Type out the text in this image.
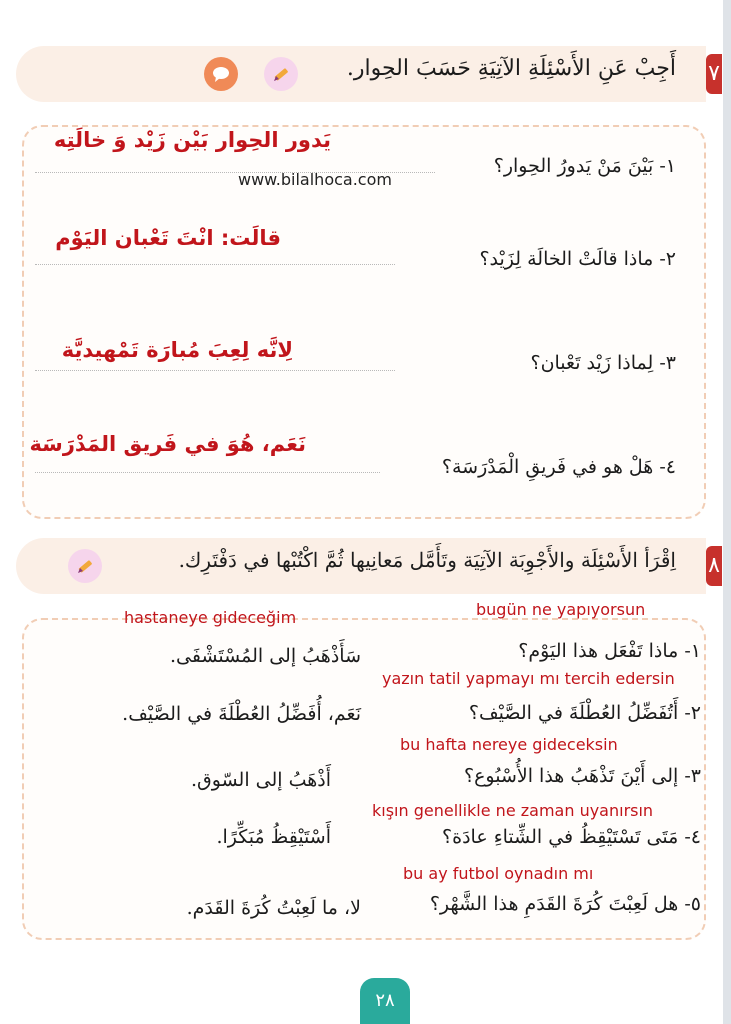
٧
أَجِبْ عَنِ الأَسْئِلَةِ الآتِيَةِ حَسَبَ الحِوار.
www.bilalhoca.com
١- بَيْنَ مَنْ يَدورُ الحِوار؟
يَدور الحِوار بَيْن زَيْد وَ خالَتِه
٢- ماذا قالَتْ الخالَة لِزَيْد؟
قالَت: انْتَ تَعْبان اليَوْم
٣- لِماذا زَيْد تَعْبان؟
لِانَّه لِعِبَ مُبارَة تَمْهيديَّة
٤- هَلْ هو في فَريقِ الْمَدْرَسَة؟
نَعَم، هُوَ في فَريق المَدْرَسَة
٨
اِقْرَأ الأَسْئِلَة والأَجْوِبَة الآتِيَة وتَأَمَّل مَعانِيها ثُمَّ اكْتُبْها في دَفْتَرِك.
hastaneye gideceğim	bugün ne yapıyorsun
١- ماذا تَفْعَل هذا اليَوْم؟
سَأَذْهَبُ إلى المُسْتَشْفَى.
yazın tatil yapmayı mı tercih edersin
٢- أَتُفَضِّلُ العُطْلَةَ في الصَّيْف؟
نَعَم، أُفَضِّلُ العُطْلَةَ في الصَّيْف.
bu hafta nereye gideceksin
٣- إلى أَيْنَ تَذْهَبُ هذا الأُسْبُوع؟
أَذْهَبُ إلى السّوق.
kışın genellikle ne zaman uyanırsın
٤- مَتَى تَسْتَيْقِظُ في الشِّتاءِ عادَة؟
أَسْتَيْقِظُ مُبَكِّرًا.
bu ay futbol oynadın mı
٥- هل لَعِبْتَ كُرَةَ القَدَمِ هذا الشَّهْر؟
لا، ما لَعِبْتُ كُرَةَ القَدَم.
٢٨
